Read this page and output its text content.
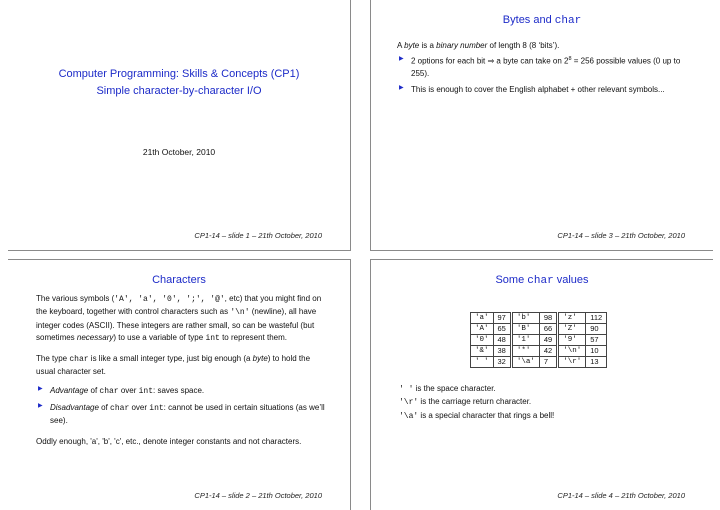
Computer Programming: Skills & Concepts (CP1)
Simple character-by-character I/O
21th October, 2010
CP1-14 – slide 1 – 21th October, 2010
Bytes and char
A byte is a binary number of length 8 (8 ‘bits’).
▶ 2 options for each bit ⇒ a byte can take on $2^8 = 256$ possible values (0 up to 255).
▶ This is enough to cover the English alphabet + other relevant symbols...
CP1-14 – slide 3 – 21th October, 2010
Characters

The various symbols ('A', 'a', '0', ';', '@', etc) that you might find on the keyboard, together with control characters such as '\n' (newline), all have integer codes (ASCII). These integers are rather small, so can be wasteful (but sometimes necessary) to use a variable of type int to represent them.

The type char is like a small integer type, just big enough (a byte) to hold the usual character set.

▶ Advantage of char over int: saves space.
▶ Disadvantage of char over int: cannot be used in certain situations (as we’ll see).

Oddly enough, 'a', 'b', 'c', etc., denote integer constants and not characters.

CP1-14 – slide 2 – 21th October, 2010
Some char values
'a'	97	'b'	98	'z'	112
'A'	65	'B'	66	'Z'	90
'0'	48	'1'	49	'9'	57
'&'	38	'*'	42	'\n'	10
' '	32	'\a'	7	'\r'	13
' ' is the space character.
'\r' is the carriage return character.
'\a' is a special character that rings a bell!
CP1-14 – slide 4 – 21th October, 2010
